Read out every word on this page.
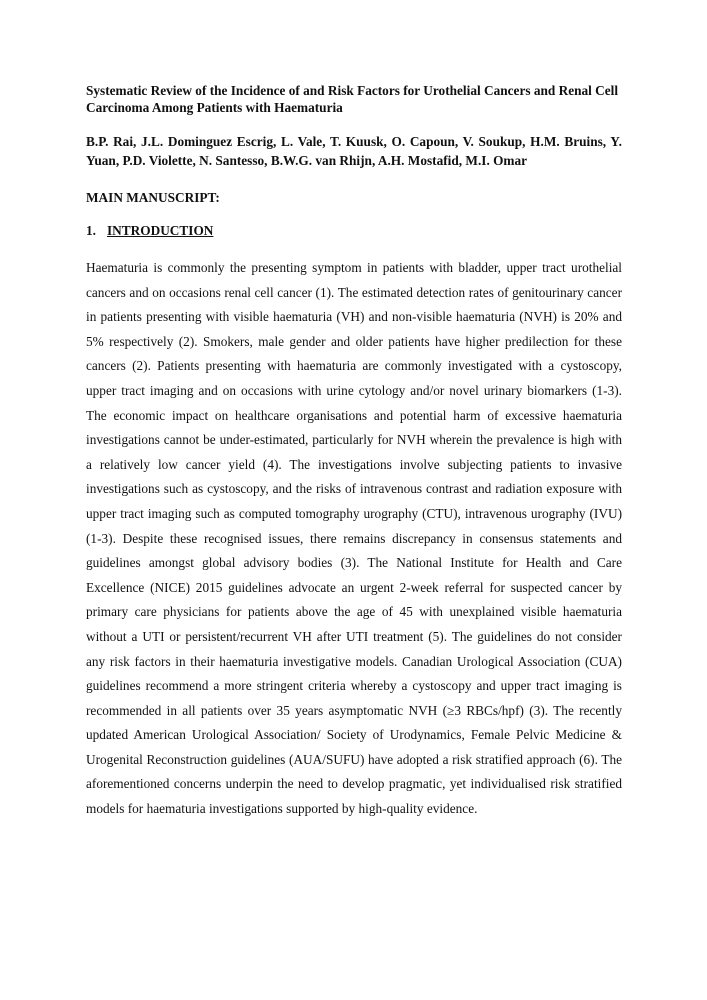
Systematic Review of the Incidence of and Risk Factors for Urothelial Cancers and Renal Cell Carcinoma Among Patients with Haematuria

B.P. Rai, J.L. Dominguez Escrig, L. Vale, T. Kuusk, O. Capoun, V. Soukup, H.M. Bruins, Y. Yuan, P.D. Violette, N. Santesso, B.W.G. van Rhijn, A.H. Mostafid, M.I. Omar

MAIN MANUSCRIPT:

1. INTRODUCTION

Haematuria is commonly the presenting symptom in patients with bladder, upper tract urothelial cancers and on occasions renal cell cancer (1). The estimated detection rates of genitourinary cancer in patients presenting with visible haematuria (VH) and non-visible haematuria (NVH) is 20% and 5% respectively (2). Smokers, male gender and older patients have higher predilection for these cancers (2). Patients presenting with haematuria are commonly investigated with a cystoscopy, upper tract imaging and on occasions with urine cytology and/or novel urinary biomarkers (1-3). The economic impact on healthcare organisations and potential harm of excessive haematuria investigations cannot be under-estimated, particularly for NVH wherein the prevalence is high with a relatively low cancer yield (4). The investigations involve subjecting patients to invasive investigations such as cystoscopy, and the risks of intravenous contrast and radiation exposure with upper tract imaging such as computed tomography urography (CTU), intravenous urography (IVU) (1-3). Despite these recognised issues, there remains discrepancy in consensus statements and guidelines amongst global advisory bodies (3). The National Institute for Health and Care Excellence (NICE) 2015 guidelines advocate an urgent 2-week referral for suspected cancer by primary care physicians for patients above the age of 45 with unexplained visible haematuria without a UTI or persistent/recurrent VH after UTI treatment (5). The guidelines do not consider any risk factors in their haematuria investigative models. Canadian Urological Association (CUA) guidelines recommend a more stringent criteria whereby a cystoscopy and upper tract imaging is recommended in all patients over 35 years asymptomatic NVH (≥3 RBCs/hpf) (3). The recently updated American Urological Association/ Society of Urodynamics, Female Pelvic Medicine & Urogenital Reconstruction guidelines (AUA/SUFU) have adopted a risk stratified approach (6). The aforementioned concerns underpin the need to develop pragmatic, yet individualised risk stratified models for haematuria investigations supported by high-quality evidence.
